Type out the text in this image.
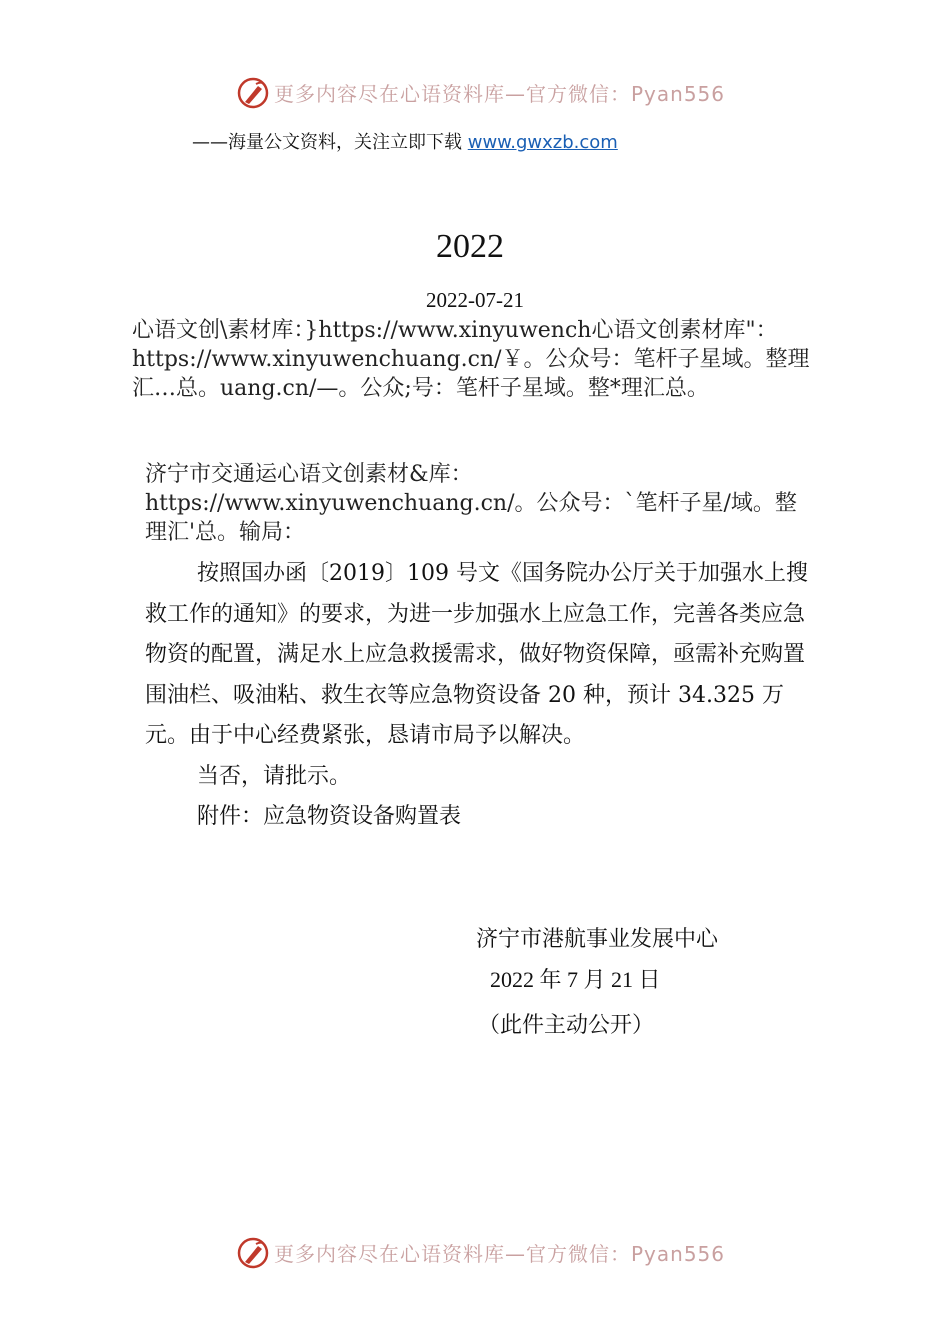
更多内容尽在心语资料库—官方微信：Pyan556
——海量公文资料，关注立即下载 www.gwxzb.com
2022
2022-07-21
心语文创\素材库：}https://www.xinyuwench心语文创素材库"：https://www.xinyuwenchuang.cn/￥。公众号：笔杆子星域。整理汇…总。uang.cn/—。公众;号：笔杆子星域。整*理汇总。
济宁市交通运心语文创素材&库：https://www.xinyuwenchuang.cn/。公众号：`笔杆子星/域。整理汇'总。输局：

按照国办函〔2019〕109 号文《国务院办公厅关于加强水上搜救工作的通知》的要求，为进一步加强水上应急工作，完善各类应急物资的配置，满足水上应急救援需求，做好物资保障，亟需补充购置围油栏、吸油粘、救生衣等应急物资设备 20 种，预计 34.325 万元。由于中心经费紧张，恳请市局予以解决。

当否，请批示。

附件：应急物资设备购置表

济宁市港航事业发展中心
2022 年 7 月 21 日
（此件主动公开）
更多内容尽在心语资料库—官方微信：Pyan556
